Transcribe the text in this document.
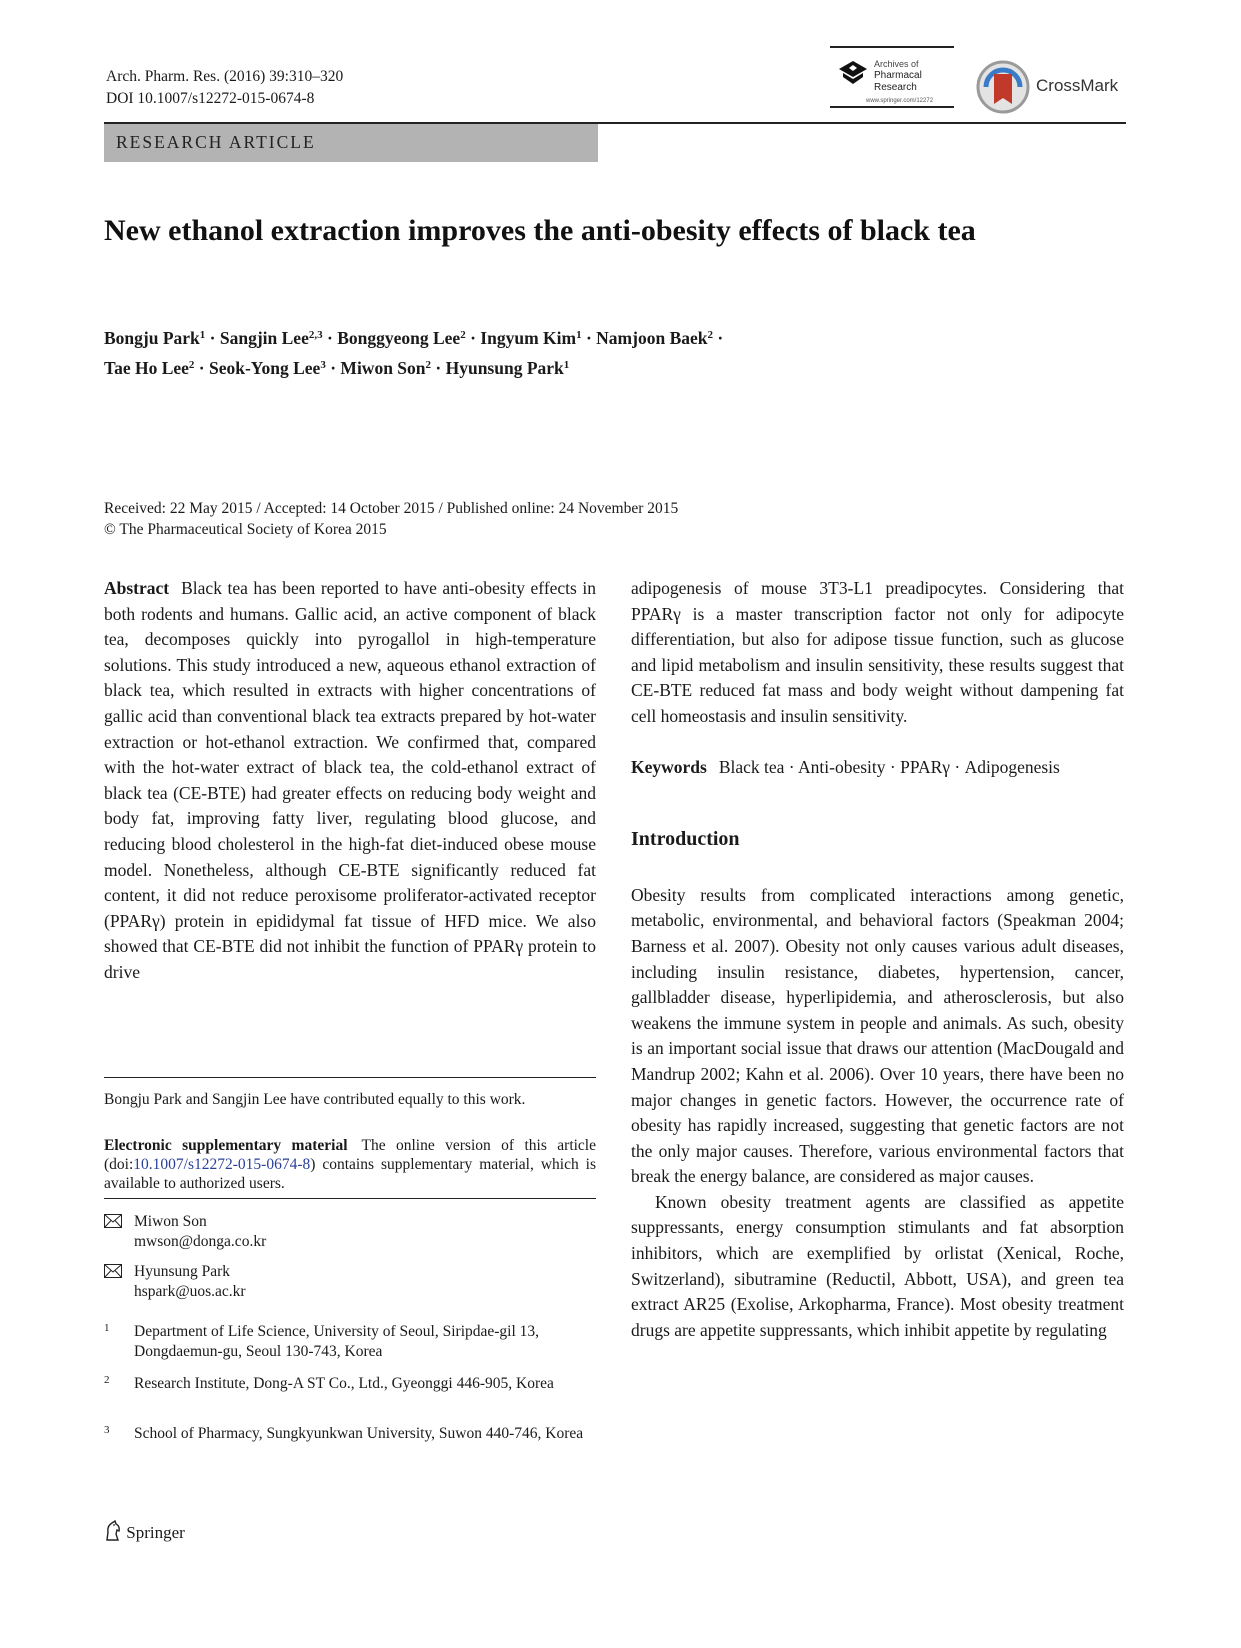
Arch. Pharm. Res. (2016) 39:310–320
DOI 10.1007/s12272-015-0674-8
Archives of
Pharmacal
Research
www.springer.com/12272
CrossMark
RESEARCH ARTICLE
New ethanol extraction improves the anti-obesity effects of black tea
Bongju Park$^1$ · Sangjin Lee$^{2,3}$ · Bonggyeong Lee$^2$ · Ingyum Kim$^1$ · Namjoon Baek$^2$ ·
Tae Ho Lee$^2$ · Seok-Yong Lee$^3$ · Miwon Son$^2$ · Hyunsung Park$^1$
Received: 22 May 2015 / Accepted: 14 October 2015 / Published online: 24 November 2015
© The Pharmaceutical Society of Korea 2015

Abstract Black tea has been reported to have anti-obesity effects in both rodents and humans. Gallic acid, an active component of black tea, decomposes quickly into pyrogallol in high-temperature solutions. This study introduced a new, aqueous ethanol extraction of black tea, which resulted in extracts with higher concentrations of gallic acid than conventional black tea extracts prepared by hot-water extraction or hot-ethanol extraction. We confirmed that, compared with the hot-water extract of black tea, the cold-ethanol extract of black tea (CE-BTE) had greater effects on reducing body weight and body fat, improving fatty liver, regulating blood glucose, and reducing blood cholesterol in the high-fat diet-induced obese mouse model. Nonetheless, although CE-BTE significantly reduced fat content, it did not reduce peroxisome proliferator-activated receptor (PPARγ) protein in epididymal fat tissue of HFD mice. We also showed that CE-BTE did not inhibit the function of PPARγ protein to drive

adipogenesis of mouse 3T3-L1 preadipocytes. Considering that PPARγ is a master transcription factor not only for adipocyte differentiation, but also for adipose tissue function, such as glucose and lipid metabolism and insulin sensitivity, these results suggest that CE-BTE reduced fat mass and body weight without dampening fat cell homeostasis and insulin sensitivity.

Keywords Black tea · Anti-obesity · PPARγ · Adipogenesis

Introduction

Obesity results from complicated interactions among genetic, metabolic, environmental, and behavioral factors (Speakman 2004; Barness et al. 2007). Obesity not only causes various adult diseases, including insulin resistance, diabetes, hypertension, cancer, gallbladder disease, hyperlipidemia, and atherosclerosis, but also weakens the immune system in people and animals. As such, obesity is an important social issue that draws our attention (MacDougald and Mandrup 2002; Kahn et al. 2006). Over 10 years, there have been no major changes in genetic factors. However, the occurrence rate of obesity has rapidly increased, suggesting that genetic factors are not the only major causes. Therefore, various environmental factors that break the energy balance, are considered as major causes.

Known obesity treatment agents are classified as appetite suppressants, energy consumption stimulants and fat absorption inhibitors, which are exemplified by orlistat (Xenical, Roche, Switzerland), sibutramine (Reductil, Abbott, USA), and green tea extract AR25 (Exolise, Arkopharma, France). Most obesity treatment drugs are appetite suppressants, which inhibit appetite by regulating

Bongju Park and Sangjin Lee have contributed equally to this work.
Electronic supplementary material The online version of this article (doi:10.1007/s12272-015-0674-8) contains supplementary material, which is available to authorized users.
Miwon Son
mwson@donga.co.kr
Hyunsung Park
hspark@uos.ac.kr
1 Department of Life Science, University of Seoul, Siripdae-gil 13, Dongdaemun-gu, Seoul 130-743, Korea
2 Research Institute, Dong-A ST Co., Ltd., Gyeonggi 446-905, Korea
3 School of Pharmacy, Sungkyunkwan University, Suwon 440-746, Korea
Springer
